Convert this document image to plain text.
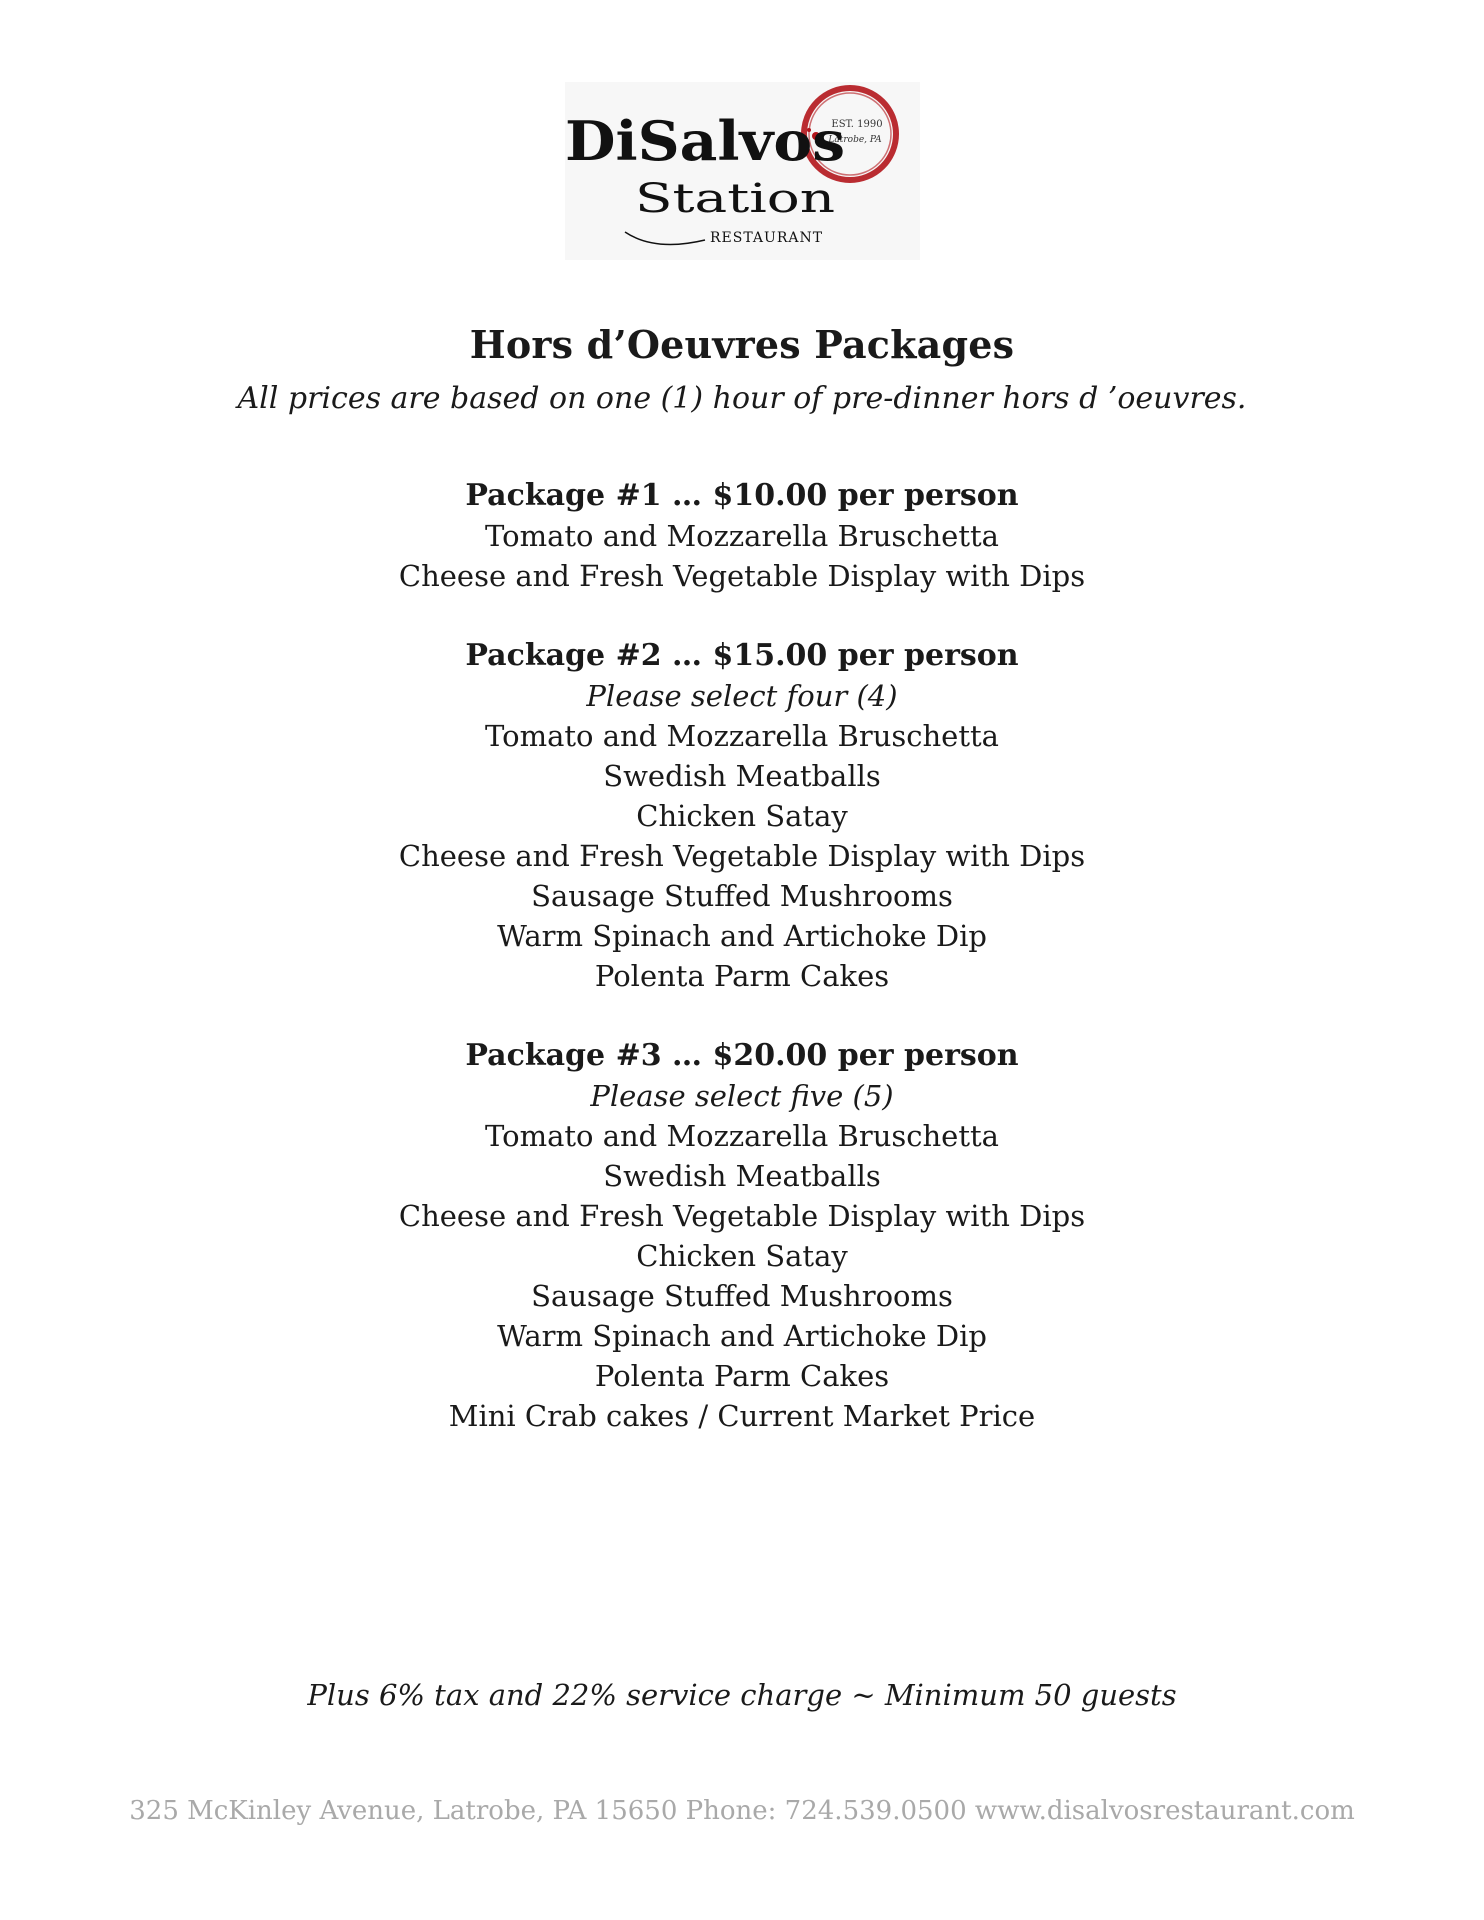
EST. 1990
Latrobe, PA
DiSalvos
Station
RESTAURANT
Hors d’Oeuvres Packages
All prices are based on one (1) hour of pre-dinner hors d ’oeuvres.
Package #1 … $10.00 per person
Tomato and Mozzarella Bruschetta
Cheese and Fresh Vegetable Display with Dips
Package #2 … $15.00 per person
Please select four (4)
Tomato and Mozzarella Bruschetta
Swedish Meatballs
Chicken Satay
Cheese and Fresh Vegetable Display with Dips
Sausage Stuffed Mushrooms
Warm Spinach and Artichoke Dip
Polenta Parm Cakes
Package #3 … $20.00 per person
Please select five (5)
Tomato and Mozzarella Bruschetta
Swedish Meatballs
Cheese and Fresh Vegetable Display with Dips
Chicken Satay
Sausage Stuffed Mushrooms
Warm Spinach and Artichoke Dip
Polenta Parm Cakes
Mini Crab cakes / Current Market Price
Plus 6% tax and 22% service charge ~ Minimum 50 guests
325 McKinley Avenue, Latrobe, PA 15650 Phone: 724.539.0500 www.disalvosrestaurant.com
